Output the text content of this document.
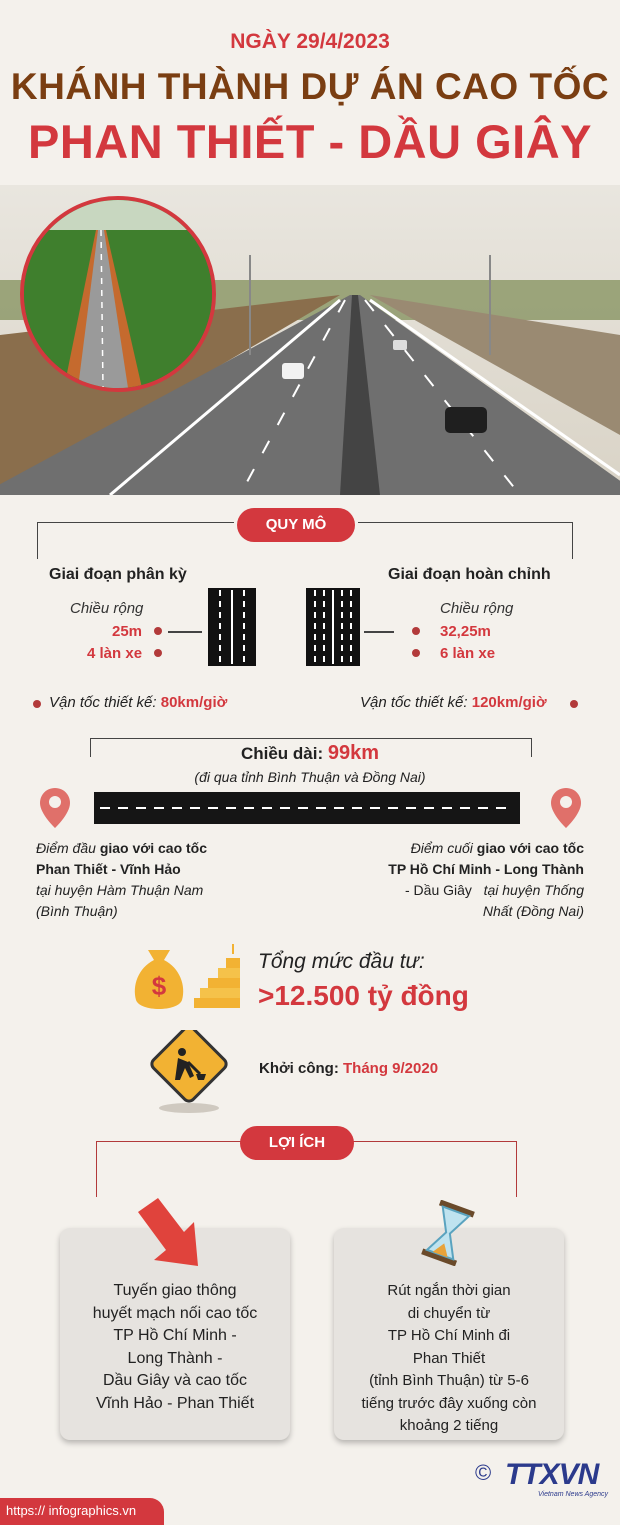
NGÀY 29/4/2023
KHÁNH THÀNH DỰ ÁN CAO TỐC
PHAN THIẾT - DẦU GIÂY
QUY MÔ
Giai đoạn phân kỳ
Chiều rộng
25m
4 làn xe
Giai đoạn hoàn chỉnh
Chiều rộng
32,25m
6 làn xe
Vận tốc thiết kế: 80km/giờ	Vận tốc thiết kế: 120km/giờ
Chiều dài: 99km
(đi qua tỉnh Bình Thuận và Đồng Nai)
Điểm đầu giao với cao tốc
Phan Thiết - Vĩnh Hảo
tại huyện Hàm Thuận Nam
(Bình Thuận)
Điểm cuối giao với cao tốc
TP Hồ Chí Minh - Long Thành
- Dầu Giây tại huyện Thống
Nhất (Đồng Nai)
$
Tổng mức đầu tư:
>12.500 tỷ đồng
Khởi công: Tháng 9/2020
LỢI ÍCH
Tuyến giao thông
huyết mạch nối cao tốc
TP Hồ Chí Minh -
Long Thành -
Dầu Giây và cao tốc
Vĩnh Hảo - Phan Thiết
Rút ngắn thời gian
di chuyển từ
TP Hồ Chí Minh đi
Phan Thiết
(tỉnh Bình Thuận) từ 5-6
tiếng trước đây xuống còn
khoảng 2 tiếng
https:// infographics.vn
© TTXVN
Vietnam News Agency
